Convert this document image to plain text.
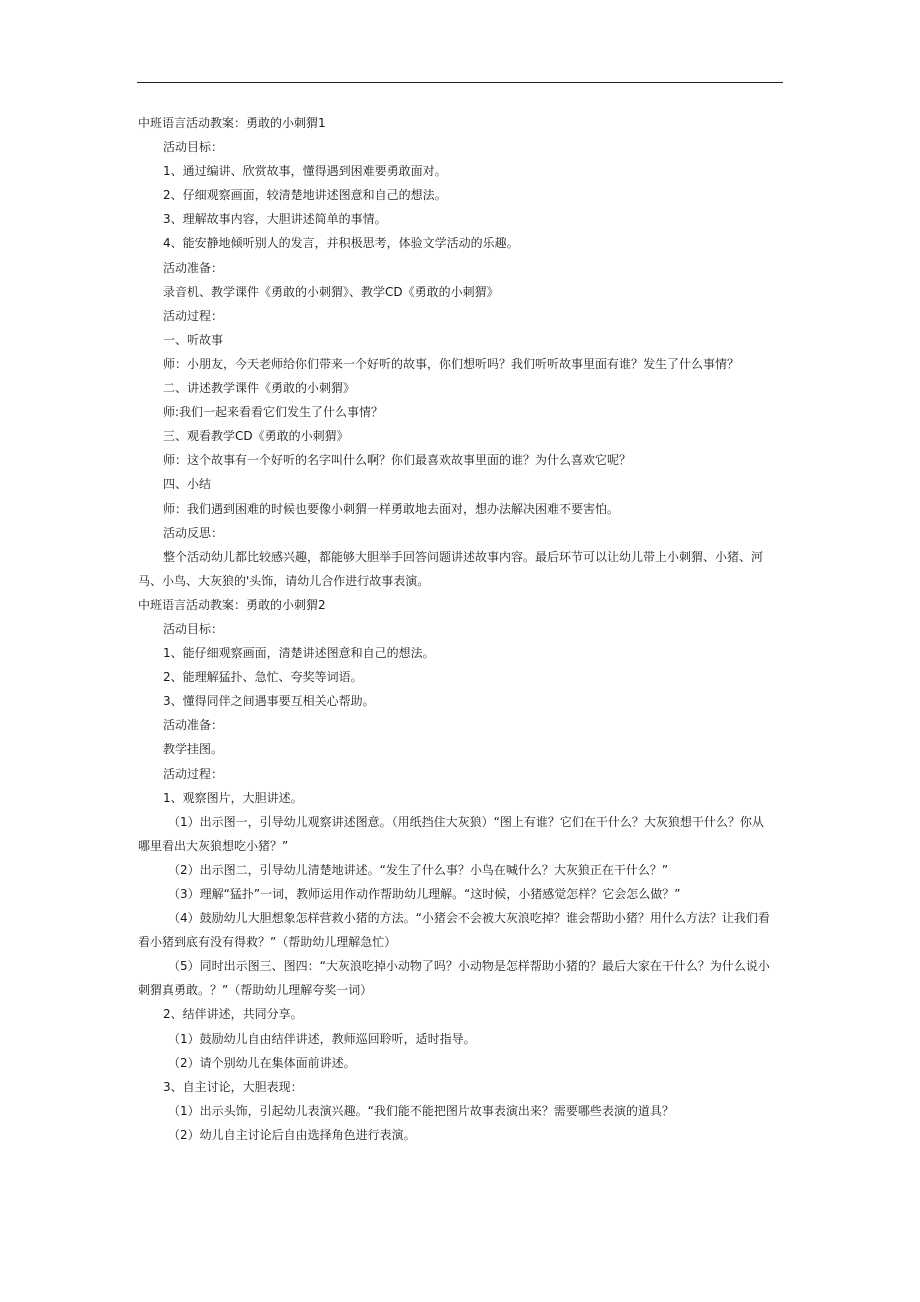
中班语言活动教案：勇敢的小刺猬1
活动目标：
1、通过编讲、欣赏故事，懂得遇到困难要勇敢面对。
2、仔细观察画面，较清楚地讲述图意和自己的想法。
3、理解故事内容，大胆讲述简单的事情。
4、能安静地倾听别人的发言，并积极思考，体验文学活动的乐趣。
活动准备：
录音机、教学课件《勇敢的小刺猬》、教学CD《勇敢的小刺猬》
活动过程：
一、听故事
师：小朋友，今天老师给你们带来一个好听的故事，你们想听吗？我们听听故事里面有谁？发生了什么事情？
二、讲述教学课件《勇敢的小刺猬》
师:我们一起来看看它们发生了什么事情？
三、观看教学CD《勇敢的小刺猬》
师：这个故事有一个好听的名字叫什么啊？你们最喜欢故事里面的谁？为什么喜欢它呢？
四、小结
师：我们遇到困难的时候也要像小刺猬一样勇敢地去面对，想办法解决困难不要害怕。
活动反思：
整个活动幼儿都比较感兴趣，都能够大胆举手回答问题讲述故事内容。最后环节可以让幼儿带上小刺猬、小猪、河
马、小鸟、大灰狼的'头饰，请幼儿合作进行故事表演。
中班语言活动教案：勇敢的小刺猬2
活动目标：
1、能仔细观察画面，清楚讲述图意和自己的想法。
2、能理解猛扑、急忙、夸奖等词语。
3、懂得同伴之间遇事要互相关心帮助。
活动准备：
教学挂图。
活动过程：
1、观察图片，大胆讲述。
（1）出示图一，引导幼儿观察讲述图意。（用纸挡住大灰狼）“图上有谁？它们在干什么？大灰狼想干什么？你从
哪里看出大灰狼想吃小猪？”
（2）出示图二，引导幼儿清楚地讲述。“发生了什么事？小鸟在喊什么？大灰狼正在干什么？”
（3）理解“猛扑”一词，教师运用作动作帮助幼儿理解。“这时候，小猪感觉怎样？它会怎么做？”
（4）鼓励幼儿大胆想象怎样营救小猪的方法。“小猪会不会被大灰浪吃掉？谁会帮助小猪？用什么方法？让我们看
看小猪到底有没有得救？”（帮助幼儿理解急忙）
（5）同时出示图三、图四：“大灰浪吃掉小动物了吗？小动物是怎样帮助小猪的？最后大家在干什么？为什么说小
刺猬真勇敢。？”（帮助幼儿理解夸奖一词）
2、结伴讲述，共同分享。
（1）鼓励幼儿自由结伴讲述，教师巡回聆听，适时指导。
（2）请个别幼儿在集体面前讲述。
3、自主讨论，大胆表现：
（1）出示头饰，引起幼儿表演兴趣。“我们能不能把图片故事表演出来？需要哪些表演的道具？
（2）幼儿自主讨论后自由选择角色进行表演。
